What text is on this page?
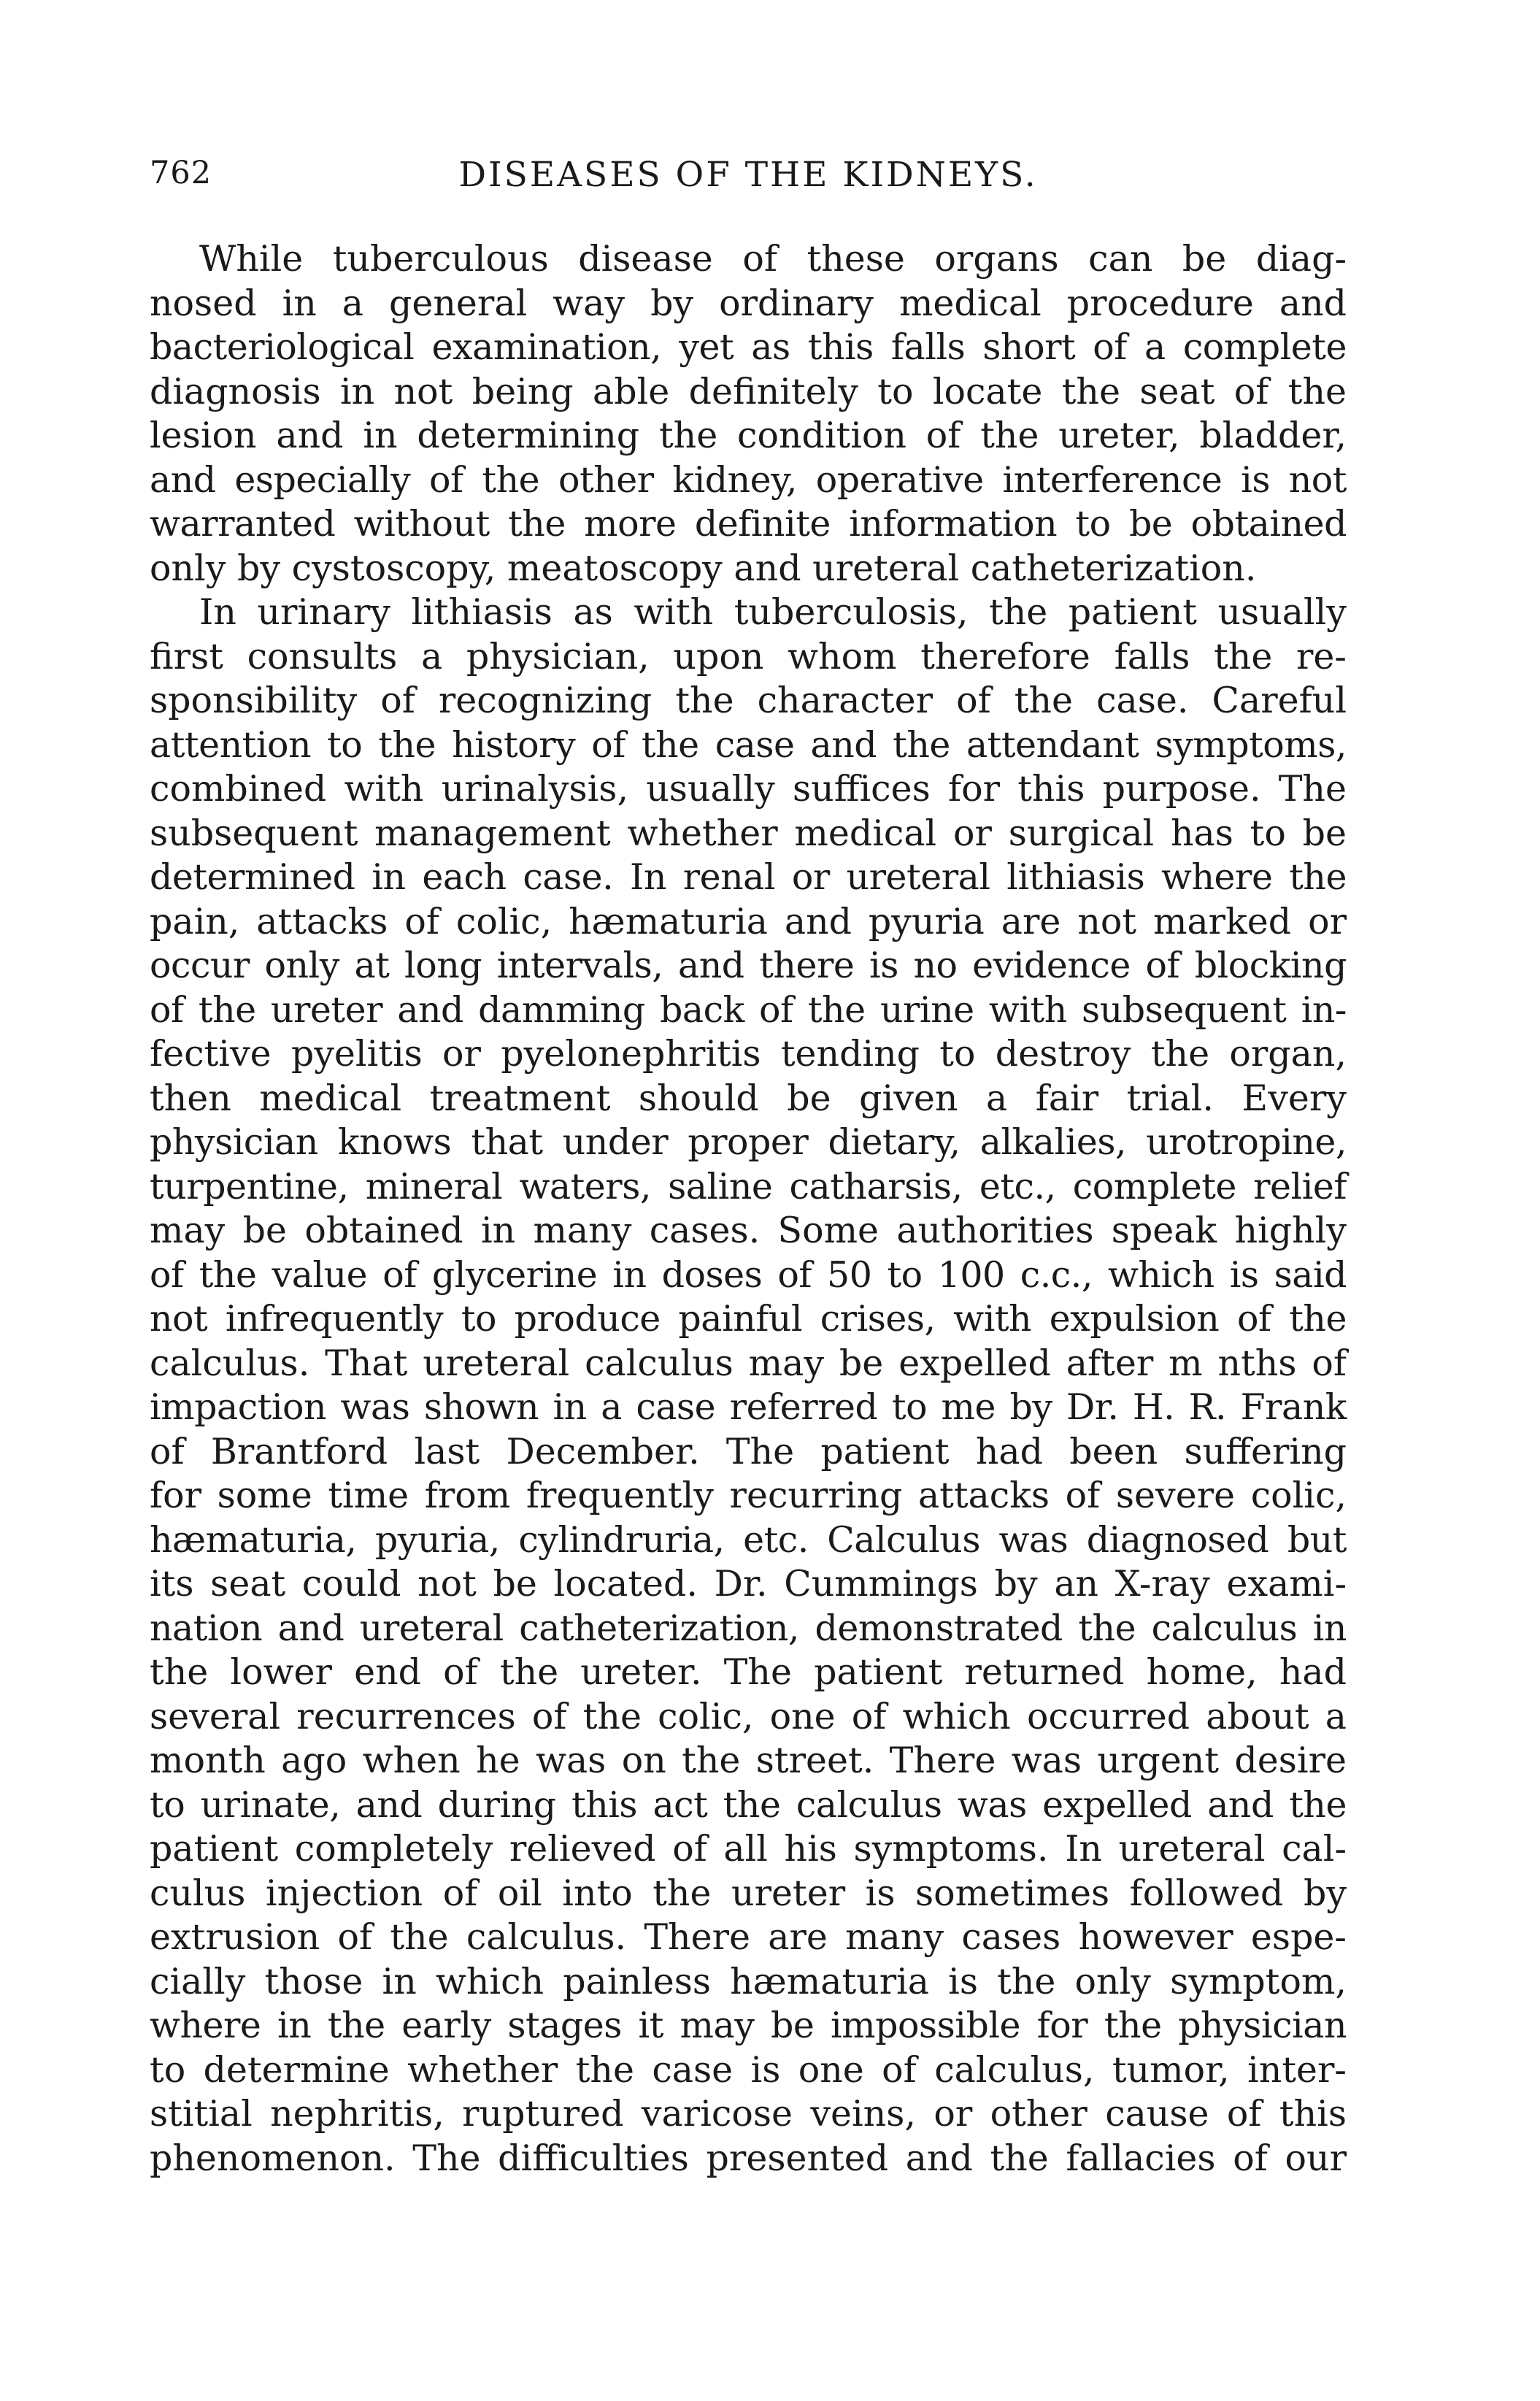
762	DISEASES OF THE KIDNEYS.
While tuberculous disease of these organs can be diag-
nosed in a general way by ordinary medical procedure and
bacteriological examination, yet as this falls short of a complete
diagnosis in not being able definitely to locate the seat of the
lesion and in determining the condition of the ureter, bladder,
and especially of the other kidney, operative interference is not
warranted without the more definite information to be obtained
only by cystoscopy, meatoscopy and ureteral catheterization.
In urinary lithiasis as with tuberculosis, the patient usually
first consults a physician, upon whom therefore falls the re-
sponsibility of recognizing the character of the case. Careful
attention to the history of the case and the attendant symptoms,
combined with urinalysis, usually suffices for this purpose. The
subsequent management whether medical or surgical has to be
determined in each case. In renal or ureteral lithiasis where the
pain, attacks of colic, hæmaturia and pyuria are not marked or
occur only at long intervals, and there is no evidence of blocking
of the ureter and damming back of the urine with subsequent in-
fective pyelitis or pyelonephritis tending to destroy the organ,
then medical treatment should be given a fair trial. Every
physician knows that under proper dietary, alkalies, urotropine,
turpentine, mineral waters, saline catharsis, etc., complete relief
may be obtained in many cases. Some authorities speak highly
of the value of glycerine in doses of 50 to 100 c.c., which is said
not infrequently to produce painful crises, with expulsion of the
calculus. That ureteral calculus may be expelled after m nths of
impaction was shown in a case referred to me by Dr. H. R. Frank
of Brantford last December. The patient had been suffering
for some time from frequently recurring attacks of severe colic,
hæmaturia, pyuria, cylindruria, etc. Calculus was diagnosed but
its seat could not be located. Dr. Cummings by an X-ray exami-
nation and ureteral catheterization, demonstrated the calculus in
the lower end of the ureter. The patient returned home, had
several recurrences of the colic, one of which occurred about a
month ago when he was on the street. There was urgent desire
to urinate, and during this act the calculus was expelled and the
patient completely relieved of all his symptoms. In ureteral cal-
culus injection of oil into the ureter is sometimes followed by
extrusion of the calculus. There are many cases however espe-
cially those in which painless hæmaturia is the only symptom,
where in the early stages it may be impossible for the physician
to determine whether the case is one of calculus, tumor, inter-
stitial nephritis, ruptured varicose veins, or other cause of this
phenomenon. The difficulties presented and the fallacies of our
